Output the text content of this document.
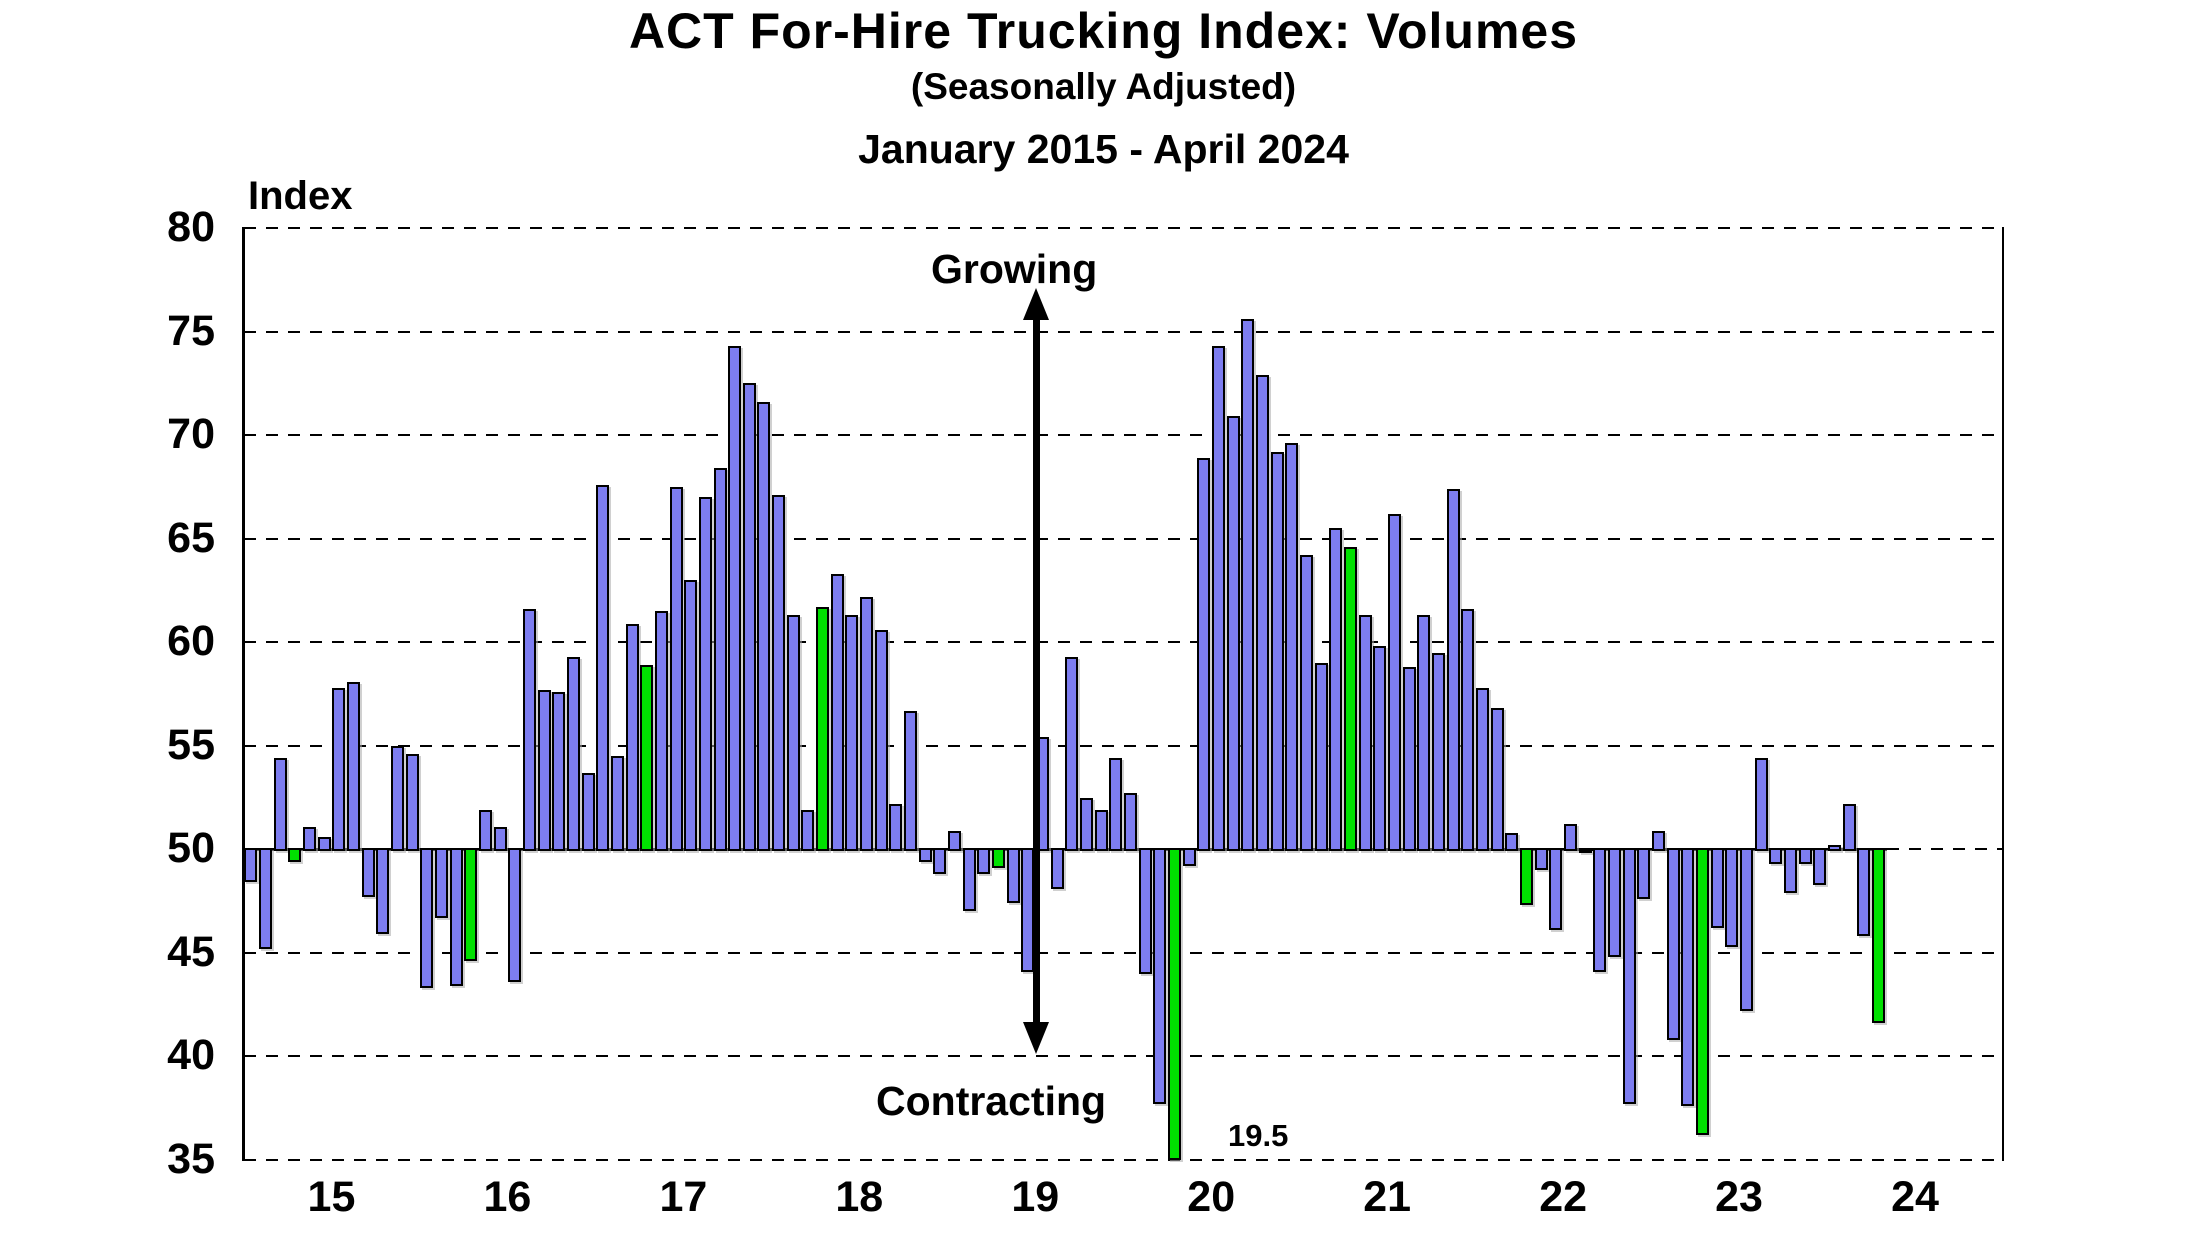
ACT For-Hire Trucking Index: Volumes
(Seasonally Adjusted)
January 2015 - April 2024
Index
80
75
70
65
60
55
50
45
40
35
15	16	17	18	19	20	21	22	23	24
Growing
Contracting
19.5
